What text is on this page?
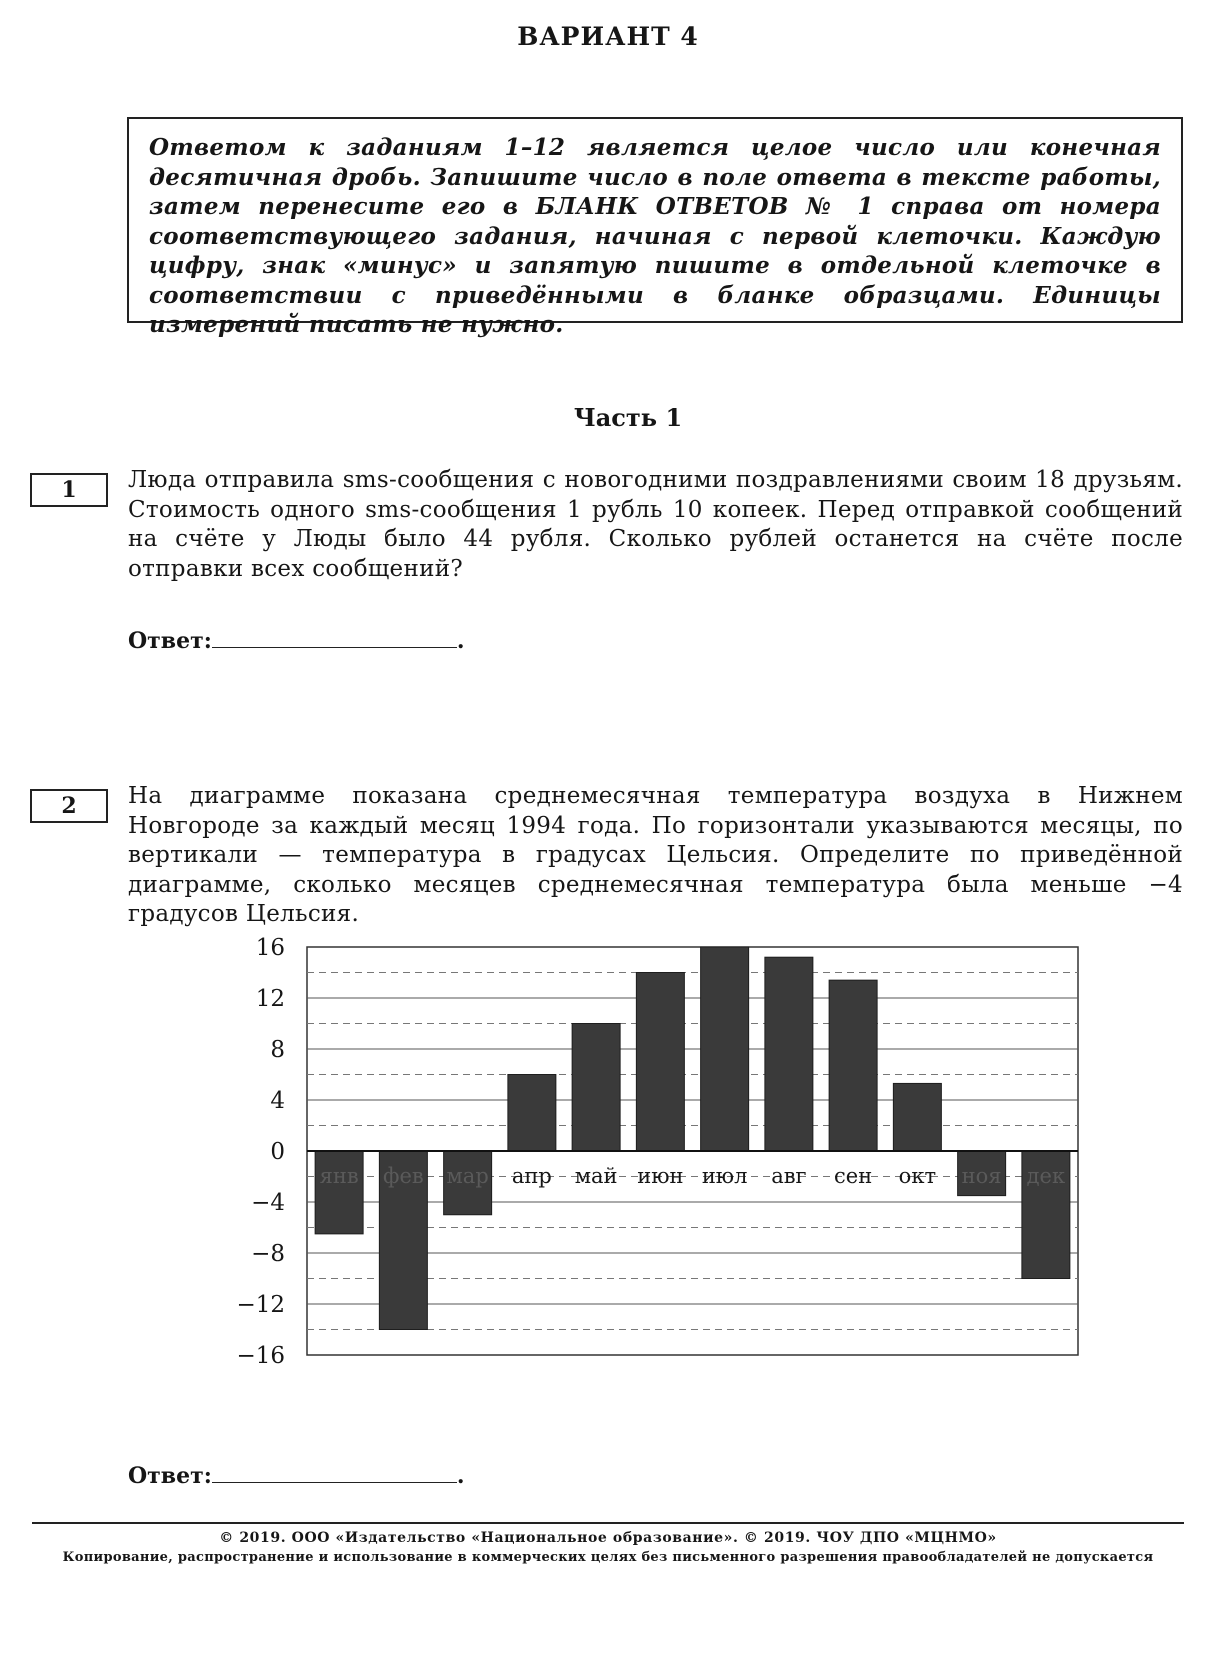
ВАРИАНТ 4
Ответом к заданиям 1–12 является целое число или конечная десятичная дробь. Запишите число в поле ответа в тексте работы, затем перенесите его в БЛАНК ОТВЕТОВ № 1 справа от номера соответствующего задания, начиная с первой клеточки. Каждую цифру, знак «минус» и запятую пишите в отдельной клеточке в соответствии с приведёнными в бланке образцами. Единицы измерений писать не нужно.
Часть 1
1	Люда отправила sms-сообщения с новогодними поздравлениями своим 18 друзьям. Стоимость одного sms-сообщения 1 рубль 10 копеек. Перед отправкой сообщений на счёте у Люды было 44 рубля. Сколько рублей останется на счёте после отправки всех сообщений?
Ответ:	.
2	На диаграмме показана среднемесячная температура воздуха в Нижнем Новгороде за каждый месяц 1994 года. По горизонтали указываются месяцы, по вертикали — температура в градусах Цельсия. Определите по приведённой диаграмме, сколько месяцев среднемесячная температура была меньше −4 градусов Цельсия.
16
12
8
4
0
−4
−8
−12
−16
янв фев мар апр май июн июл авг сен окт ноя дек
Ответ:	.
© 2019. ООО «Издательство «Национальное образование». © 2019. ЧОУ ДПО «МЦНМО»
Копирование, распространение и использование в коммерческих целях без письменного разрешения правообладателей не допускается
